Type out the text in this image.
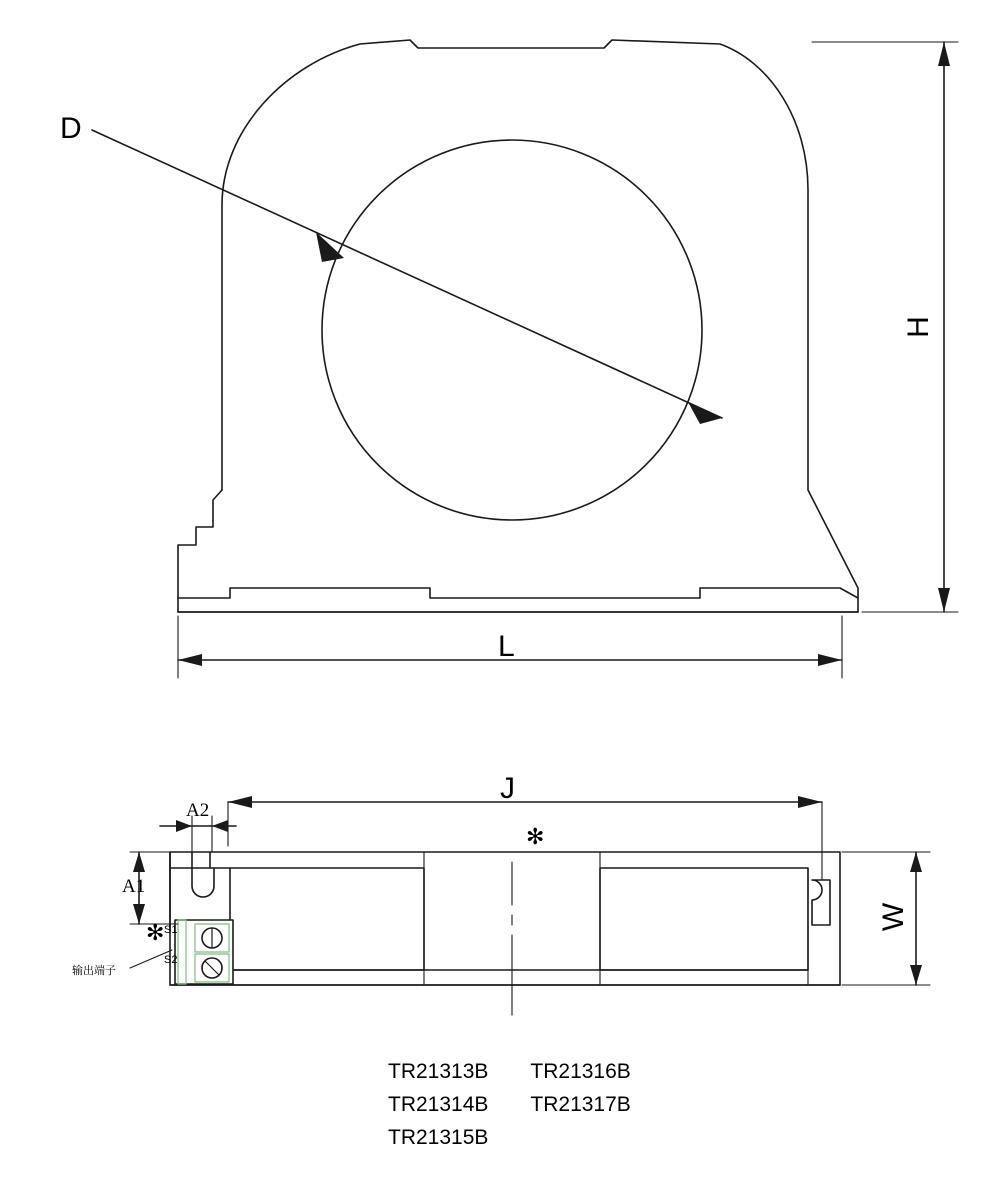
D
H
L
J
W
A2
A1
✻
✻ S1
S2
输出端子
TR21313B
TR21314B
TR21315B
TR21316B
TR21317B
